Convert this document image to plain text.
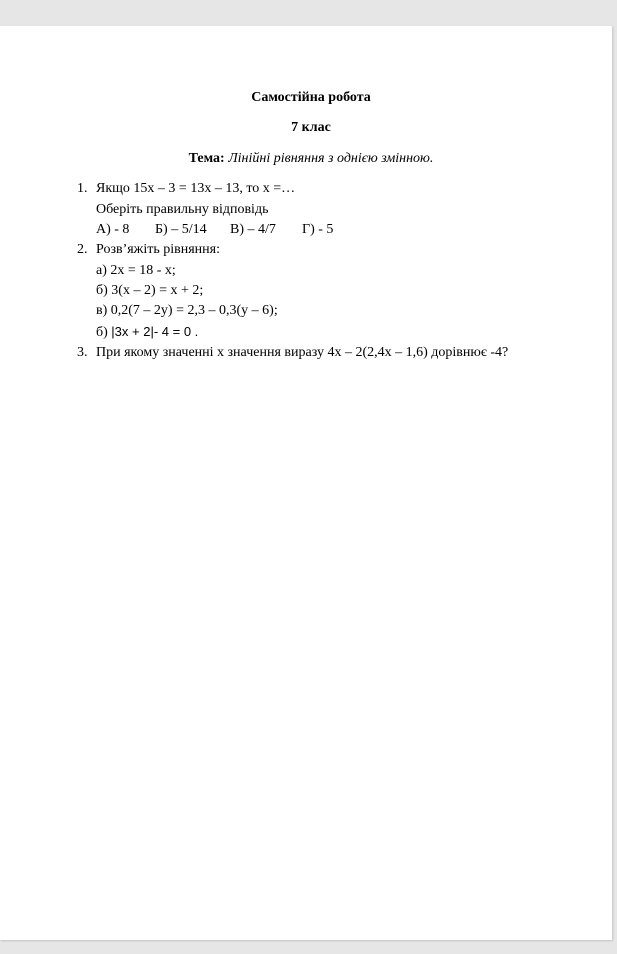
Самостійна робота
7 клас
Тема: Лінійні рівняння з однією змінною.
1. Якщо 15х – 3 = 13х – 13, то х =…
Оберіть правильну відповідь
А) - 8 Б) – 5/14 В) – 4/7 Г) - 5
2. Розв’яжіть рівняння:
а) 2х = 18 - х;
б) 3(х – 2) = х + 2;
в) 0,2(7 – 2у) = 2,3 – 0,3(у – 6);
б) |3x + 2|- 4 = 0 .
3. При якому значенні х значення виразу 4х – 2(2,4х – 1,6) дорівнює -4?
